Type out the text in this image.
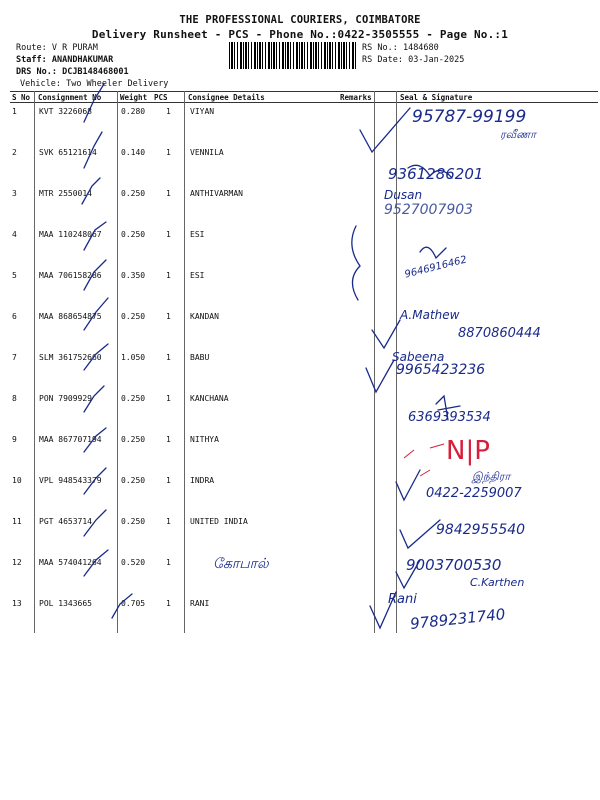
THE PROFESSIONAL COURIERS, COIMBATORE
Delivery Runsheet - PCS - Phone No.:0422-3505555 - Page No.:1
Route: V R PURAM
Staff: ANANDHAKUMAR
DRS No.: DCJB148468001
Vehicle: Two Wheeler Delivery
RS No.: 1484680
RS Date: 03-Jan-2025
S No Consignment No	Weight PCS	Consignee Details	Remarks	Seal & Signature
1	KVT 3226068	0.280	1 VIYAN
2	SVK 65121614	0.140	1 VENNILA
3	MTR 2550014	0.250	1 ANTHIVARMAN
4	MAA 110248067 0.250	1 ESI
5	MAA 706158286 0.350	1 ESI
6	MAA 868654875 0.250	1 KANDAN
7	SLM 361752660 1.050	1 BABU
8	PON 7909929	0.250	1 KANCHANA
9	MAA 867707194 0.250	1 NITHYA
10 VPL 948543379 0.250	1 INDRA
11 PGT 4653714	0.250	1 UNITED INDIA
12 MAA 574041264 0.520	1
13 POL 1343665	0.705	1 RANI
95787-99199
ரவீணா
9361286201
Dusan
9527007903
9646916462
A.Mathew
8870860444
Sabeena
9965423236
6369393534
N|P
இந்திரா
0422-2259007
9842955540
கோபால்	9003700530
C.Karthen
Rani
9789231740
